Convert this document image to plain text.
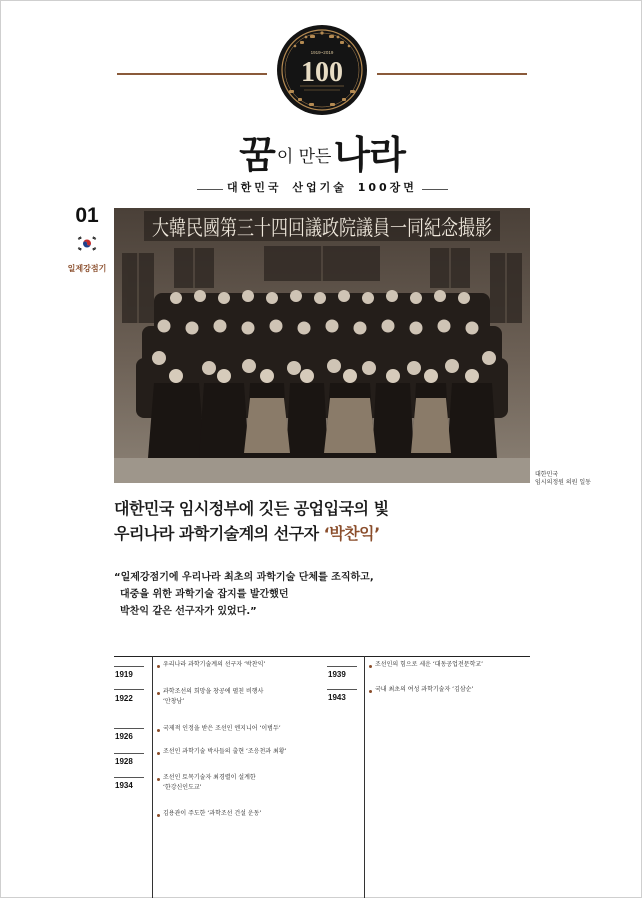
1919~2019
100
꿈이 만든나라
대한민국 산업기술 100장면
01
일제강점기
大韓民國第三十四回議政院議員一同紀念撮影
대한민국
임시의정원 의원 일동
대한민국 임시정부에 깃든 공업입국의 빛
우리나라 과학기술계의 선구자 ‘박찬익’
“일제강점기에 우리나라 최초의 과학기술 단체를 조직하고,
대중을 위한 과학기술 잡지를 발간했던
박찬익 같은 선구자가 있었다.”
1919
우리나라 과학기술계의 선구자 ‘박찬익’
1922
과학조선의 희망을 창공에 펼친 비행사
‘안창남’
1926
국제적 인정을 받은 조선인 엔지니어 ‘이범두’
1928
조선인 과학기술 박사들의 출현 ‘조응천과 최황’
1934
조선인 토목기술자 최경렬이 설계한
‘한강신인도교’
김용관이 주도한 ‘과학조선 건설 운동’
1939
조선인의 힘으로 세운 ‘대동공업전문학교’
1943
국내 최초의 여성 과학기술자 ‘김삼순’
